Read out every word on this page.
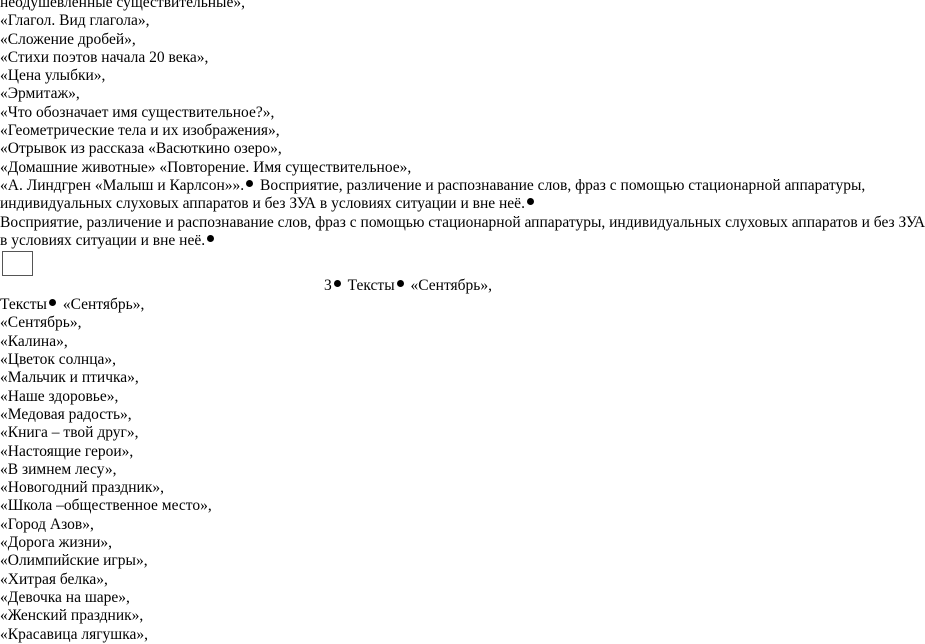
неодушевленные существительные»,
«Глагол. Вид глагола»,
«Сложение дробей»,
«Стихи поэтов начала 20 века»,
«Цена улыбки»,
«Эрмитаж»,
«Что обозначает имя существительное?»,
«Геометрические тела и их изображения»,
«Отрывок из рассказа «Васюткино озеро»,
«Домашние животные» «Повторение. Имя существительное»,
«А. Линдгрен «Малыш и Карлсон»». Восприятие, различение и распознавание слов, фраз с помощью стационарной аппаратуры,
индивидуальных слуховых аппаратов и без ЗУА в условиях ситуации и вне неё.
Восприятие, различение и распознавание слов, фраз с помощью стационарной аппаратуры, индивидуальных слуховых аппаратов и без ЗУА
в условиях ситуации и вне неё.
3 Тексты «Сентябрь»,
Тексты «Сентябрь»,
«Сентябрь»,
«Калина»,
«Цветок солнца»,
«Мальчик и птичка»,
«Наше здоровье»,
«Медовая радость»,
«Книга – твой друг»,
«Настоящие герои»,
«В зимнем лесу»,
«Новогодний праздник»,
«Школа –общественное место»,
«Город Азов»,
«Дорога жизни»,
«Олимпийские игры»,
«Хитрая белка»,
«Девочка на шаре»,
«Женский праздник»,
«Красавица лягушка»,
